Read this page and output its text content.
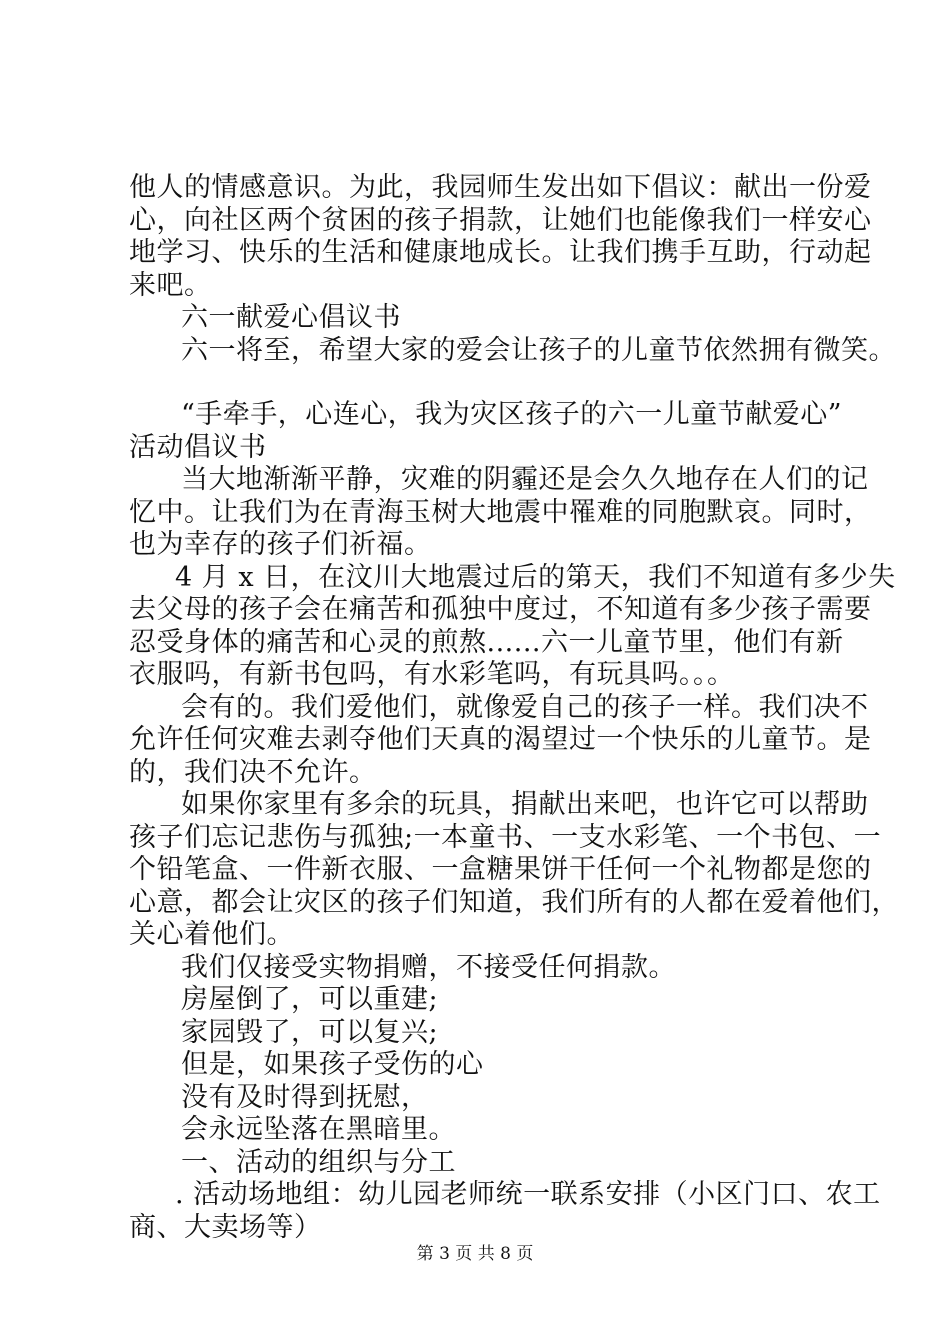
他人的情感意识。为此，我园师生发出如下倡议：献出一份爱
心，向社区两个贫困的孩子捐款，让她们也能像我们一样安心
地学习、快乐的生活和健康地成长。让我们携手互助，行动起
来吧。
六一献爱心倡议书
六一将至，希望大家的爱会让孩子的儿童节依然拥有微笑。
“手牵手，心连心，我为灾区孩子的六一儿童节献爱心”
活动倡议书
当大地渐渐平静，灾难的阴霾还是会久久地存在人们的记
忆中。让我们为在青海玉树大地震中罹难的同胞默哀。同时，
也为幸存的孩子们祈福。
4 月 x 日，在汶川大地震过后的第天，我们不知道有多少失
去父母的孩子会在痛苦和孤独中度过，不知道有多少孩子需要
忍受身体的痛苦和心灵的煎熬......六一儿童节里，他们有新
衣服吗，有新书包吗，有水彩笔吗，有玩具吗。。。
会有的。我们爱他们，就像爱自己的孩子一样。我们决不
允许任何灾难去剥夺他们天真的渴望过一个快乐的儿童节。是
的，我们决不允许。
如果你家里有多余的玩具，捐献出来吧，也许它可以帮助
孩子们忘记悲伤与孤独;一本童书、一支水彩笔、一个书包、一
个铅笔盒、一件新衣服、一盒糖果饼干任何一个礼物都是您的
心意，都会让灾区的孩子们知道，我们所有的人都在爱着他们，
关心着他们。
我们仅接受实物捐赠，不接受任何捐款。
房屋倒了，可以重建;
家园毁了，可以复兴;
但是，如果孩子受伤的心
没有及时得到抚慰，
会永远坠落在黑暗里。
一、活动的组织与分工
. 活动场地组：幼儿园老师统一联系安排（小区门口、农工
商、大卖场等）
第 3 页 共 8 页
